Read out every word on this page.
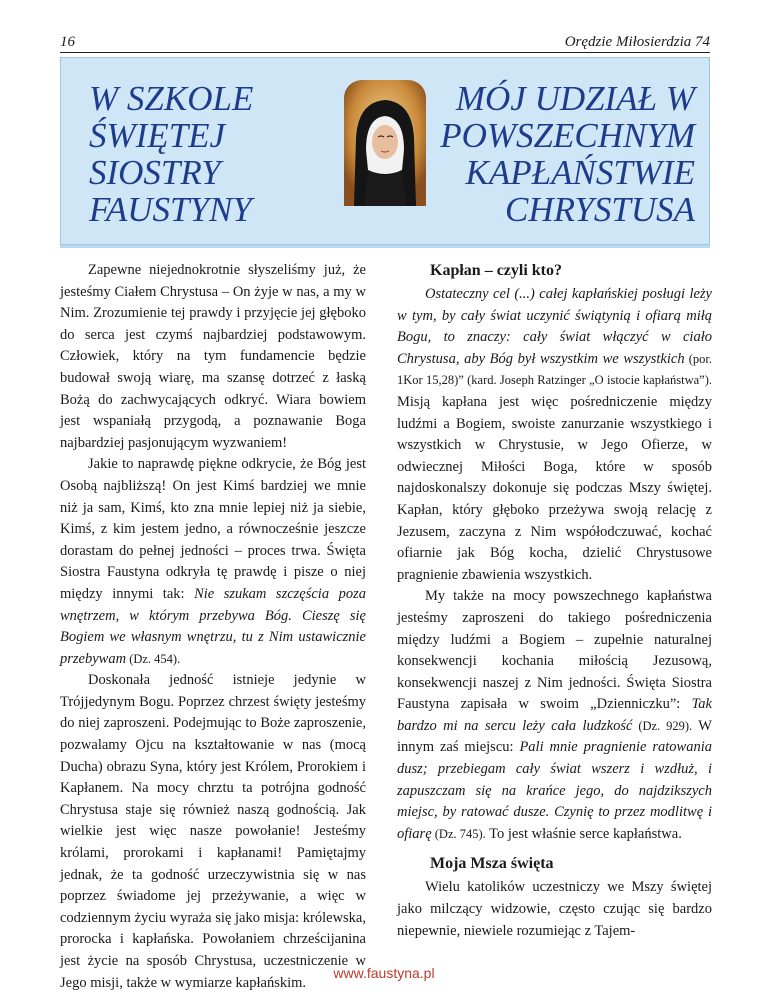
16	Orędzie Miłosierdzia 74
W SZKOLE
ŚWIĘTEJ
SIOSTRY
FAUSTYNY
MÓJ UDZIAŁ W
POWSZECHNYM
KAPŁAŃSTWIE
CHRYSTUSA

Zapewne niejednokrotnie słyszeliśmy już, że jesteśmy Ciałem Chrystusa – On żyje w nas, a my w Nim. Zrozumienie tej prawdy i przyjęcie jej głęboko do serca jest czymś najbardziej podstawowym. Człowiek, który na tym fundamencie będzie budował swoją wiarę, ma szansę dotrzeć z łaską Bożą do zachwycających odkryć. Wiara bowiem jest wspaniałą przygodą, a poznawanie Boga najbardziej pasjonującym wyzwaniem!

Jakie to naprawdę piękne odkrycie, że Bóg jest Osobą najbliższą! On jest Kimś bardziej we mnie niż ja sam, Kimś, kto zna mnie lepiej niż ja siebie, Kimś, z kim jestem jedno, a równocześnie jeszcze dorastam do pełnej jedności – proces trwa. Święta Siostra Faustyna odkryła tę prawdę i pisze o niej między innymi tak: Nie szukam szczęścia poza wnętrzem, w którym przebywa Bóg. Cieszę się Bogiem we własnym wnętrzu, tu z Nim ustawicznie przebywam (Dz. 454).

Doskonała jedność istnieje jedynie w Trójjedynym Bogu. Poprzez chrzest święty jesteśmy do niej zaproszeni. Podejmując to Boże zaproszenie, pozwalamy Ojcu na kształtowanie w nas (mocą Ducha) obrazu Syna, który jest Królem, Prorokiem i Kapłanem. Na mocy chrztu ta potrójna godność Chrystusa staje się również naszą godnością. Jak wielkie jest więc nasze powołanie! Jesteśmy królami, prorokami i kapłanami! Pamiętajmy jednak, że ta godność urzeczywistnia się w nas poprzez świadome jej przeżywanie, a więc w codziennym życiu wyraża się jako misja: królewska, prorocka i kapłańska. Powołaniem chrześcijanina jest życie na sposób Chrystusa, uczestniczenie w Jego misji, także w wymiarze kapłańskim.

Kapłan – czyli kto?

Ostateczny cel (...) całej kapłańskiej posługi leży w tym, by cały świat uczynić świątynią i ofiarą miłą Bogu, to znaczy: cały świat włączyć w ciało Chrystusa, aby Bóg był wszystkim we wszystkich (por. 1Kor 15,28)” (kard. Joseph Ratzinger „O istocie kapłaństwa”). Misją kapłana jest więc pośredniczenie między ludźmi a Bogiem, swoiste zanurzanie wszystkiego i wszystkich w Chrystusie, w Jego Ofierze, w odwiecznej Miłości Boga, które w sposób najdoskonalszy dokonuje się podczas Mszy świętej. Kapłan, który głęboko przeżywa swoją relację z Jezusem, zaczyna z Nim współodczuwać, kochać ofiarnie jak Bóg kocha, dzielić Chrystusowe pragnienie zbawienia wszystkich.

My także na mocy powszechnego kapłaństwa jesteśmy zaproszeni do takiego pośredniczenia między ludźmi a Bogiem – zupełnie naturalnej konsekwencji kochania miłością Jezusową, konsekwencji naszej z Nim jedności. Święta Siostra Faustyna zapisała w swoim „Dzienniczku”: Tak bardzo mi na sercu leży cała ludzkość (Dz. 929). W innym zaś miejscu: Pali mnie pragnienie ratowania dusz; przebiegam cały świat wszerz i wzdłuż, i zapuszczam się na krańce jego, do najdzikszych miejsc, by ratować dusze. Czynię to przez modlitwę i ofiarę (Dz. 745). To jest właśnie serce kapłaństwa.

Moja Msza święta

Wielu katolików uczestniczy we Mszy świętej jako milczący widzowie, często czując się bardzo niepewnie, niewiele rozumiejąc z Tajem-

www.faustyna.pl
